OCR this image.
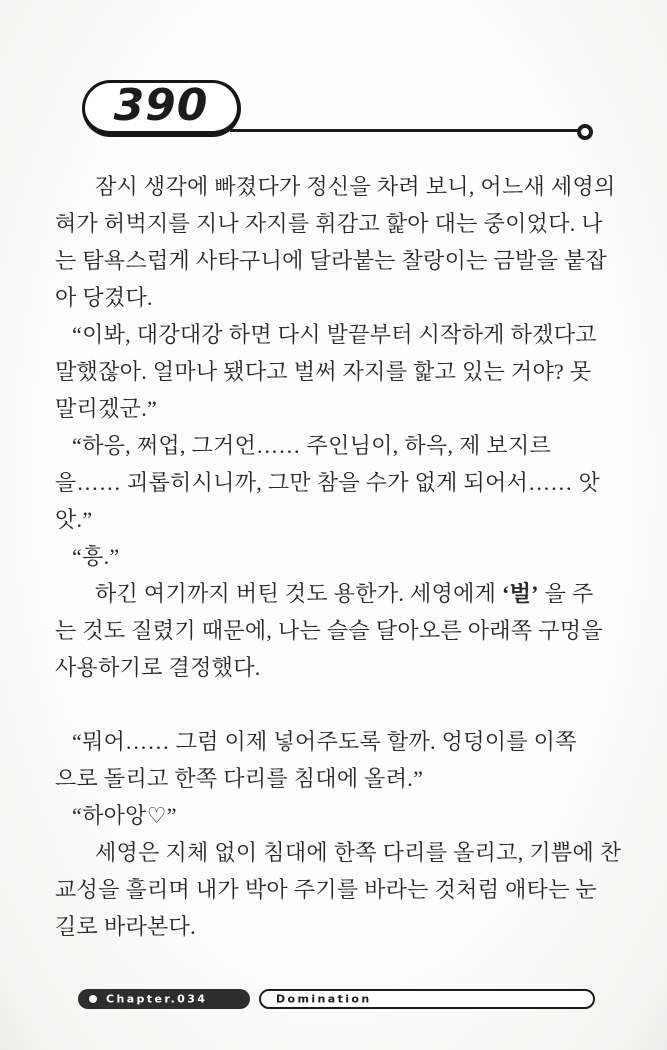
390
잠시 생각에 빠졌다가 정신을 차려 보니, 어느새 세영의
혀가 허벅지를 지나 자지를 휘감고 핥아 대는 중이었다. 나
는 탐욕스럽게 사타구니에 달라붙는 찰랑이는 금발을 붙잡
아 당겼다.
“이봐, 대강대강 하면 다시 발끝부터 시작하게 하겠다고
말했잖아. 얼마나 됐다고 벌써 자지를 핥고 있는 거야? 못
말리겠군.”
“하응, 쩌업, 그거언…… 주인님이, 하윽, 제 보지르
을…… 괴롭히시니까, 그만 참을 수가 없게 되어서…… 앗
앗.”
“흥.”
하긴 여기까지 버틴 것도 용한가. 세영에게 ‘벌’ 을 주
는 것도 질렸기 때문에, 나는 슬슬 달아오른 아래쪽 구멍을
사용하기로 결정했다.
“뭐어…… 그럼 이제 넣어주도록 할까. 엉덩이를 이쪽
으로 돌리고 한쪽 다리를 침대에 올려.”
“하아앙♡”
세영은 지체 없이 침대에 한쪽 다리를 올리고, 기쁨에 찬
교성을 흘리며 내가 박아 주기를 바라는 것처럼 애타는 눈
길로 바라본다.
Chapter.034	Domination
